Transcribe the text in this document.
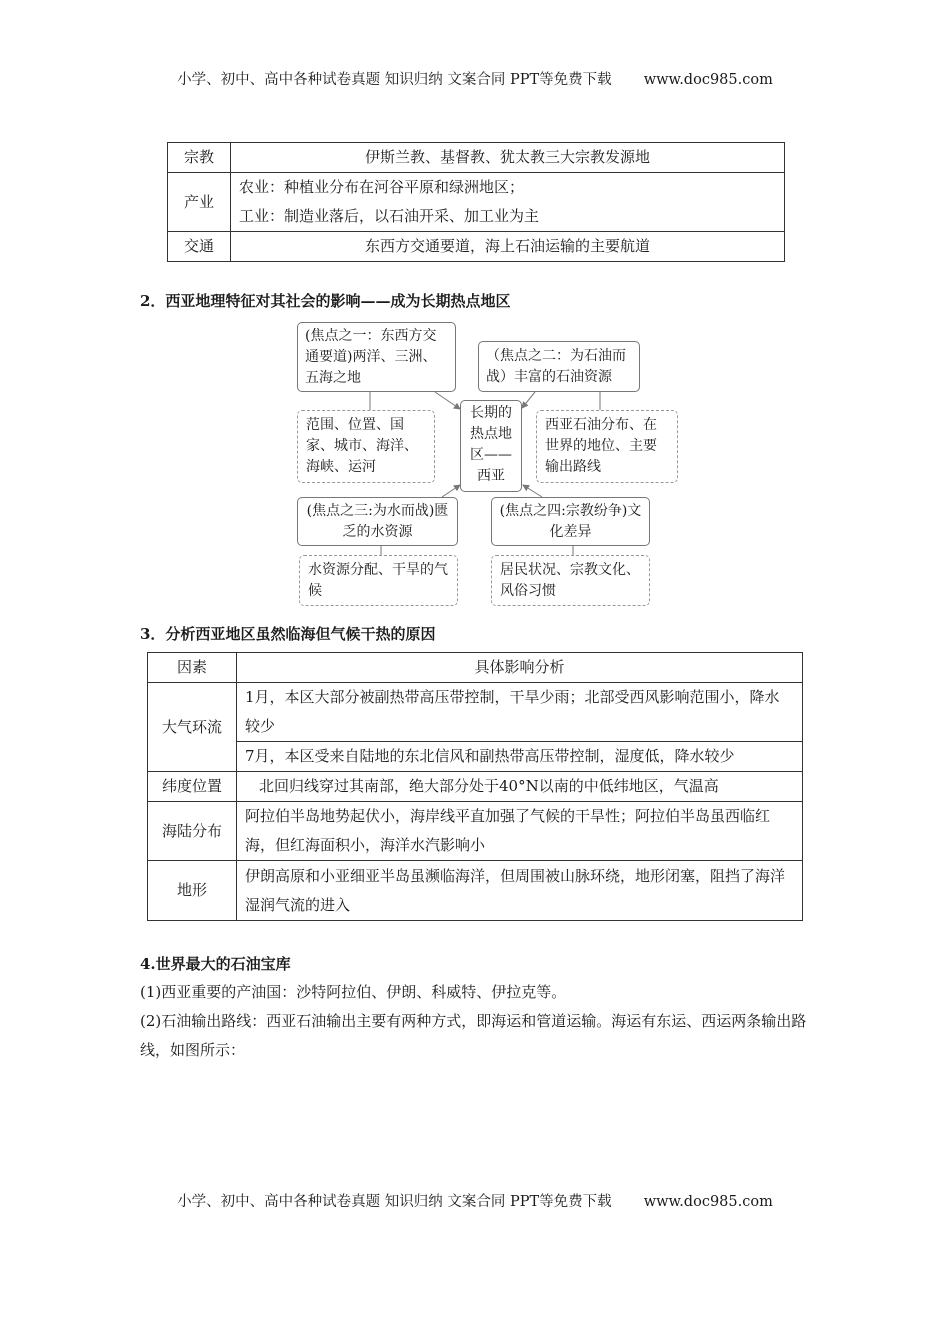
小学、初中、高中各种试卷真题 知识归纳 文案合同 PPT等免费下载 www.doc985.com
宗教	伊斯兰教、基督教、犹太教三大宗教发源地
产业	农业：种植业分布在河谷平原和绿洲地区；
工业：制造业落后，以石油开采、加工业为主

交通	东西方交通要道，海上石油运输的主要航道
2．西亚地理特征对其社会的影响——成为长期热点地区
(焦点之一：东西方交通要道)两洋、三洲、五海之地
（焦点之二：为石油而战）丰富的石油资源
长期的热点地区——西亚
范围、位置、国家、城市、海洋、海峡、运河
西亚石油分布、在世界的地位、主要输出路线
(焦点之三:为水而战)匮乏的水资源
(焦点之四:宗教纷争)文化差异
水资源分配、干旱的气候
居民状况、宗教文化、风俗习惯
3．分析西亚地区虽然临海但气候干热的原因
因素	具体影响分析
大气环流	1月，本区大部分被副热带高压带控制，干旱少雨；北部受西风影响范围小，降水较少
	7月，本区受来自陆地的东北信风和副热带高压带控制，湿度低，降水较少
纬度位置	北回归线穿过其南部，绝大部分处于40°N以南的中低纬地区，气温高
海陆分布	阿拉伯半岛地势起伏小，海岸线平直加强了气候的干旱性；阿拉伯半岛虽西临红海，但红海面积小，海洋水汽影响小
地形	伊朗高原和小亚细亚半岛虽濒临海洋，但周围被山脉环绕，地形闭塞，阻挡了海洋湿润气流的进入
4.世界最大的石油宝库
(1)西亚重要的产油国：沙特阿拉伯、伊朗、科威特、伊拉克等。
(2)石油输出路线：西亚石油输出主要有两种方式，即海运和管道运输。海运有东运、西运两条输出路线，如图所示：
小学、初中、高中各种试卷真题 知识归纳 文案合同 PPT等免费下载 www.doc985.com
